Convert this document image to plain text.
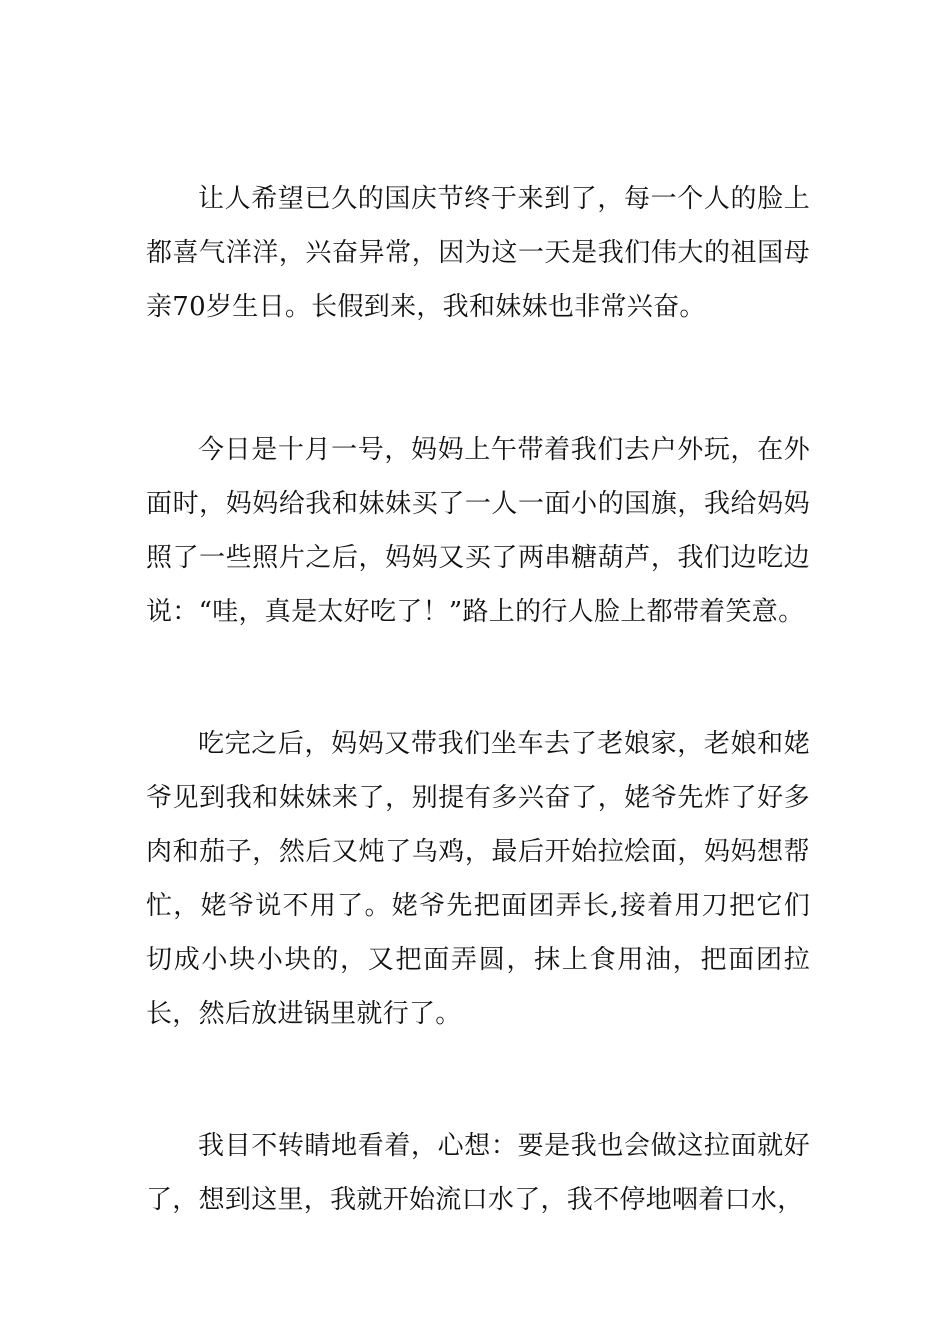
让人希望已久的国庆节终于来到了，每一个人的脸上都喜气洋洋，兴奋异常，因为这一天是我们伟大的祖国母亲70岁生日。长假到来，我和妹妹也非常兴奋。

今日是十月一号，妈妈上午带着我们去户外玩，在外面时，妈妈给我和妹妹买了一人一面小的国旗，我给妈妈照了一些照片之后，妈妈又买了两串糖葫芦，我们边吃边说：“哇，真是太好吃了！”路上的行人脸上都带着笑意。

吃完之后，妈妈又带我们坐车去了老娘家，老娘和姥爷见到我和妹妹来了，别提有多兴奋了，姥爷先炸了好多肉和茄子，然后又炖了乌鸡，最后开始拉烩面，妈妈想帮忙，姥爷说不用了。姥爷先把面团弄长,接着用刀把它们切成小块小块的，又把面弄圆，抹上食用油，把面团拉长，然后放进锅里就行了。

我目不转睛地看着，心想：要是我也会做这拉面就好了，想到这里，我就开始流口水了，我不停地咽着口水，
